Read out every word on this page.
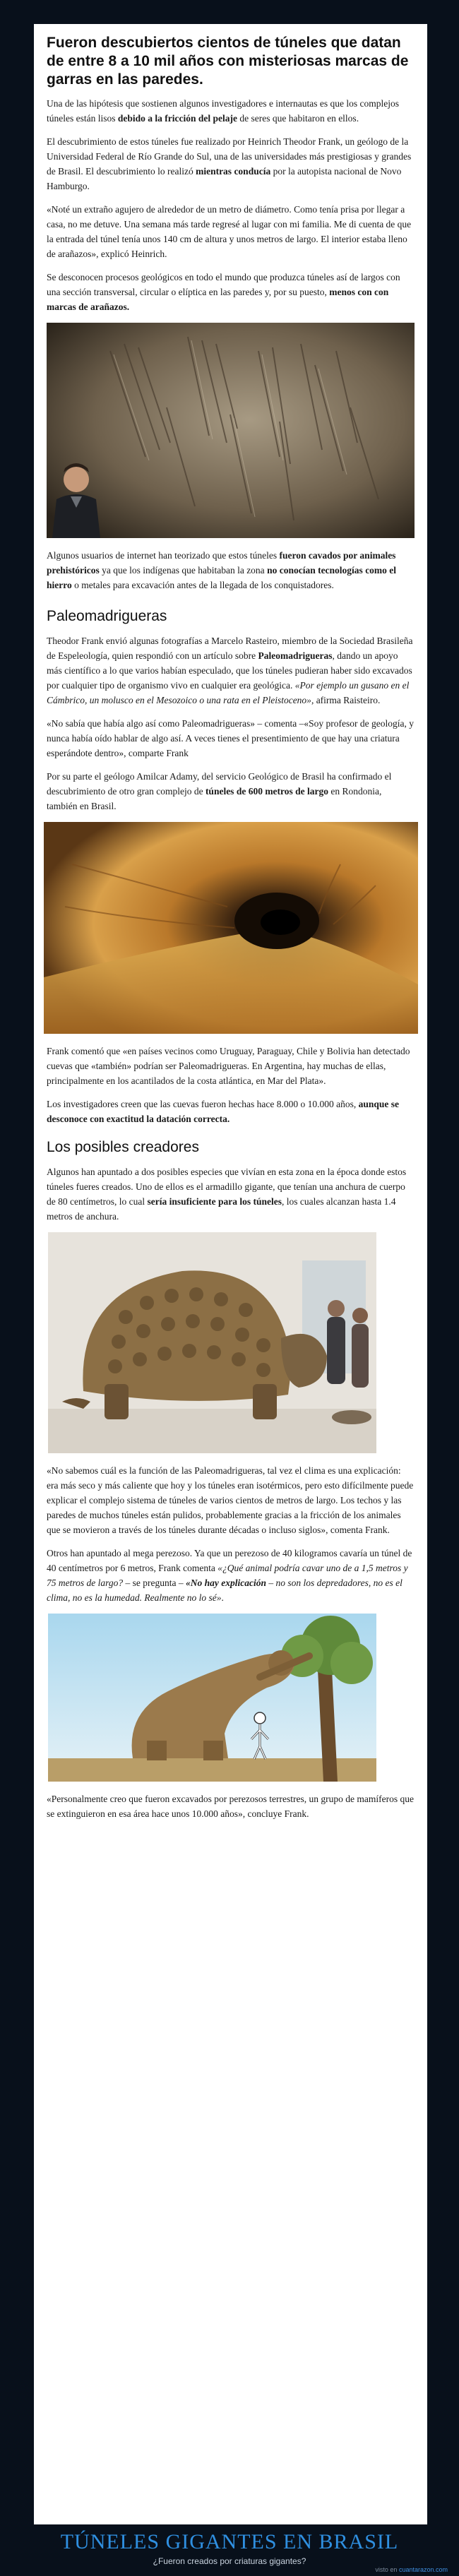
Fueron descubiertos cientos de túneles que datan de entre 8 a 10 mil años con misteriosas marcas de garras en las paredes.

Una de las hipótesis que sostienen algunos investigadores e internautas es que los complejos túneles están lisos debido a la fricción del pelaje de seres que habitaron en ellos.

El descubrimiento de estos túneles fue realizado por Heinrich Theodor Frank, un geólogo de la Universidad Federal de Río Grande do Sul, una de las universidades más prestigiosas y grandes de Brasil. El descubrimiento lo realizó mientras conducía por la autopista nacional de Novo Hamburgo.

«Noté un extraño agujero de alrededor de un metro de diámetro. Como tenía prisa por llegar a casa, no me detuve. Una semana más tarde regresé al lugar con mi familia. Me di cuenta de que la entrada del túnel tenía unos 140 cm de altura y unos metros de largo. El interior estaba lleno de arañazos», explicó Heinrich.

Se desconocen procesos geológicos en todo el mundo que produzca túneles así de largos con una sección transversal, circular o elíptica en las paredes y, por su puesto, menos con con marcas de arañazos.

Algunos usuarios de internet han teorizado que estos túneles fueron cavados por animales prehistóricos ya que los indígenas que habitaban la zona no conocían tecnologías como el hierro o metales para excavación antes de la llegada de los conquistadores.

Paleomadrigueras

Theodor Frank envió algunas fotografías a Marcelo Rasteiro, miembro de la Sociedad Brasileña de Espeleología, quien respondió con un artículo sobre Paleomadrigueras, dando un apoyo más científico a lo que varios habían especulado, que los túneles pudieran haber sido excavados por cualquier tipo de organismo vivo en cualquier era geológica. «Por ejemplo un gusano en el Cámbrico, un molusco en el Mesozoico o una rata en el Pleistoceno», afirma Raisteiro.

«No sabía que había algo así como Paleomadrigueras» – comenta –«Soy profesor de geología, y nunca había oído hablar de algo así. A veces tienes el presentimiento de que hay una criatura esperándote dentro», comparte Frank

Por su parte el geólogo Amilcar Adamy, del servicio Geológico de Brasil ha confirmado el descubrimiento de otro gran complejo de túneles de 600 metros de largo en Rondonia, también en Brasil.

Frank comentó que «en países vecinos como Uruguay, Paraguay, Chile y Bolivia han detectado cuevas que «también» podrían ser Paleomadrigueras. En Argentina, hay muchas de ellas, principalmente en los acantilados de la costa atlántica, en Mar del Plata».

Los investigadores creen que las cuevas fueron hechas hace 8.000 o 10.000 años, aunque se desconoce con exactitud la datación correcta.

Los posibles creadores

Algunos han apuntado a dos posibles especies que vivían en esta zona en la época donde estos túneles fueres creados. Uno de ellos es el armadillo gigante, que tenían una anchura de cuerpo de 80 centímetros, lo cual sería insuficiente para los túneles, los cuales alcanzan hasta 1.4 metros de anchura.

«No sabemos cuál es la función de las Paleomadrigueras, tal vez el clima es una explicación: era más seco y más caliente que hoy y los túneles eran isotérmicos, pero esto difícilmente puede explicar el complejo sistema de túneles de varios cientos de metros de largo. Los techos y las paredes de muchos túneles están pulidos, probablemente gracias a la fricción de los animales que se movieron a través de los túneles durante décadas o incluso siglos», comenta Frank.

Otros han apuntado al mega perezoso. Ya que un perezoso de 40 kilogramos cavaría un túnel de 40 centímetros por 6 metros, Frank comenta «¿Qué animal podría cavar uno de a 1,5 metros y 75 metros de largo? – se pregunta – «No hay explicación – no son los depredadores, no es el clima, no es la humedad. Realmente no lo sé».

«Personalmente creo que fueron excavados por perezosos terrestres, un grupo de mamíferos que se extinguieron en esa área hace unos 10.000 años», concluye Frank.

TÚNELES GIGANTES EN BRASIL
¿Fueron creados por criaturas gigantes?
visto en cuantarazon.com
